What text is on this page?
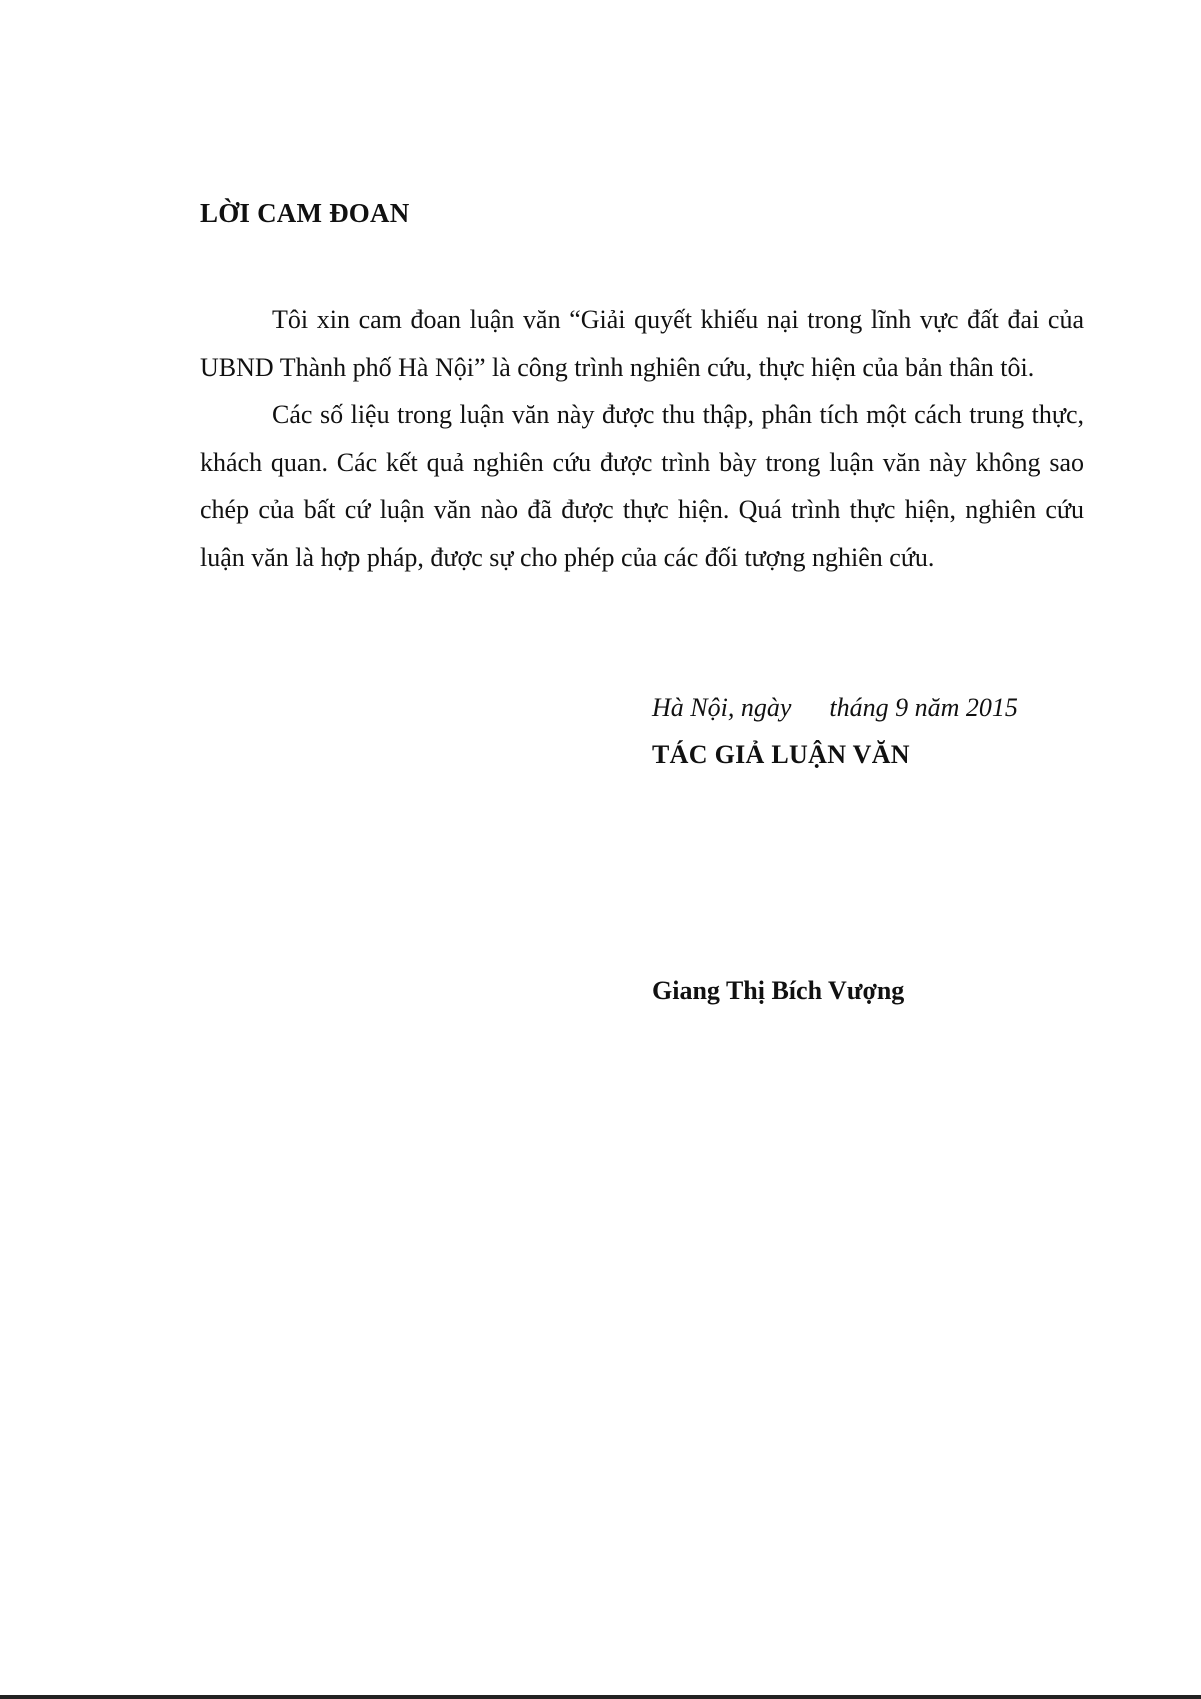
LỜI CAM ĐOAN

Tôi xin cam đoan luận văn “Giải quyết khiếu nại trong lĩnh vực đất đai của UBND Thành phố Hà Nội” là công trình nghiên cứu, thực hiện của bản thân tôi.

Các số liệu trong luận văn này được thu thập, phân tích một cách trung thực, khách quan. Các kết quả nghiên cứu được trình bày trong luận văn này không sao chép của bất cứ luận văn nào đã được thực hiện. Quá trình thực hiện, nghiên cứu luận văn là hợp pháp, được sự cho phép của các đối tượng nghiên cứu.

Hà Nội, ngày tháng 9 năm 2015
TÁC GIẢ LUẬN VĂN
Giang Thị Bích Vượng
